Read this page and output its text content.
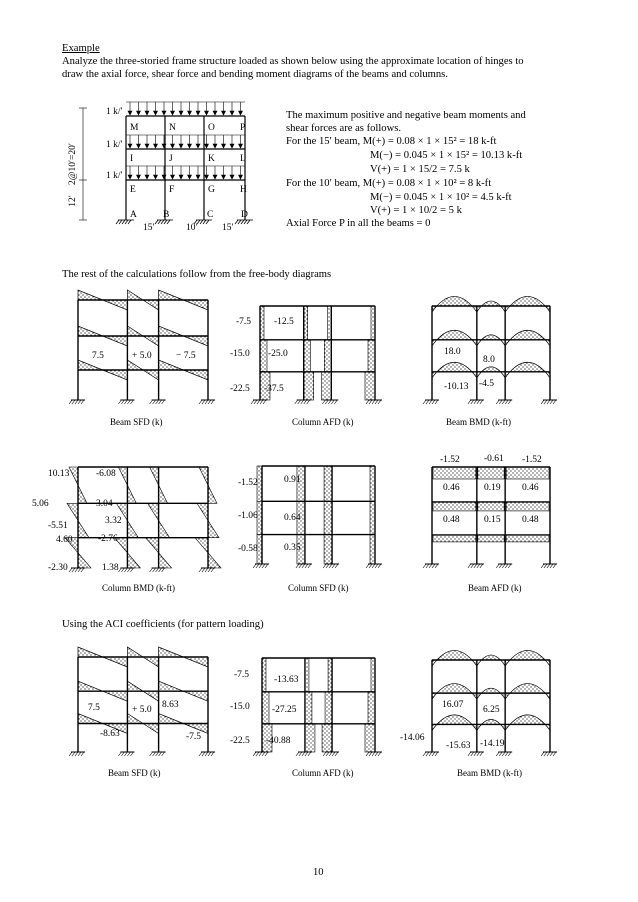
Example
Analyze the three-storied frame structure loaded as shown below using the approximate location of hinges to
draw the axial force, shear force and bending moment diagrams of the beams and columns.
The maximum positive and negative beam moments and
shear forces are as follows.
For the 15′ beam, M(+) = 0.08 × 1 × 15² = 18 k-ft
M(−) = 0.045 × 1 × 15² = 10.13 k-ft
V(+) = 1 × 15/2 = 7.5 k
For the 10′ beam, M(+) = 0.08 × 1 × 10² = 8 k-ft
M(−) = 0.045 × 1 × 10² = 4.5 k-ft
V(+) = 1 × 10/2 = 5 k
Axial Force P in all the beams = 0
The rest of the calculations follow from the free-body diagrams
Using the ACI coefficients (for pattern loading)
10
1 k/′
1 k/′
1 k/′
M	N	O	P
I	J	K	L
E	F	G	H
A	B	C	D
15′	10′	15′
2@10′=20′
12′
7.5	+ 5.0	− 7.5
Beam SFD (k)
-7.5 -12.5
-15.0 -25.0
-22.5 -37.5
Column AFD (k)
18.0
8.0
-10.13 -4.5
Beam BMD (k-ft)
10.13	-6.08
5.06	3.04
-5.51	3.32
4.60	-2.76
-2.30	1.38
Column BMD (k-ft)
-1.52	0.91
-1.06	0.64
-0.58	0.35
Column SFD (k)
-1.52	-0.61 -1.52
0.46	0.19 0.46
0.48	0.15 0.48
Beam AFD (k)
7.5	+ 5.0 8.63
-8.63	-7.5
Beam SFD (k)
-7.5	-13.63
-15.0 -27.25
-22.5 -40.88
Column AFD (k)
16.07 6.25
-14.06
-15.63 -14.19
Beam BMD (k-ft)
